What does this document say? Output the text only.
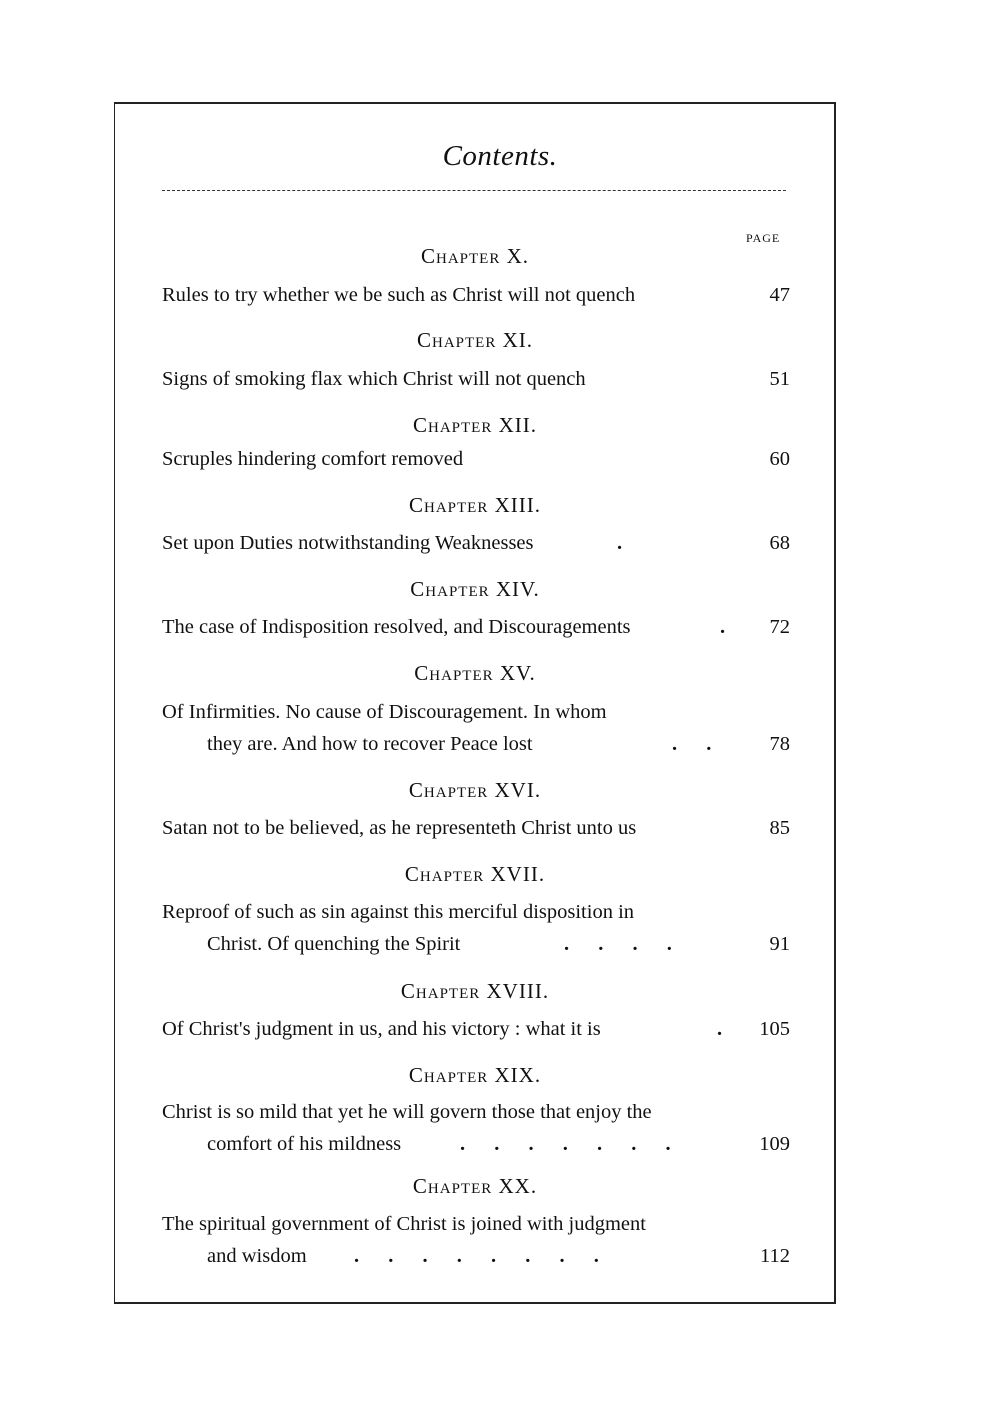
Contents.
PAGE
Chapter X.
Rules to try whether we be such as Christ will not quench	47
Chapter XI.
Signs of smoking flax which Christ will not quench	51
Chapter XII.
Scruples hindering comfort removed	60
Chapter XIII.
Set upon Duties notwithstanding Weaknesses	.	68
Chapter XIV.
The case of Indisposition resolved, and Discouragements	.	72
Chapter XV.
Of Infirmities. No cause of Discouragement. In whom
they are. And how to recover Peace lost	. .	78
Chapter XVI.
Satan not to be believed, as he representeth Christ unto us	85
Chapter XVII.
Reproof of such as sin against this merciful disposition in
Christ. Of quenching the Spirit	. . . .	91
Chapter XVIII.
Of Christ's judgment in us, and his victory : what it is	.	105
Chapter XIX.
Christ is so mild that yet he will govern those that enjoy the
comfort of his mildness	. . . . . . .	109
Chapter XX.
The spiritual government of Christ is joined with judgment
and wisdom . . . . . . . .	112
